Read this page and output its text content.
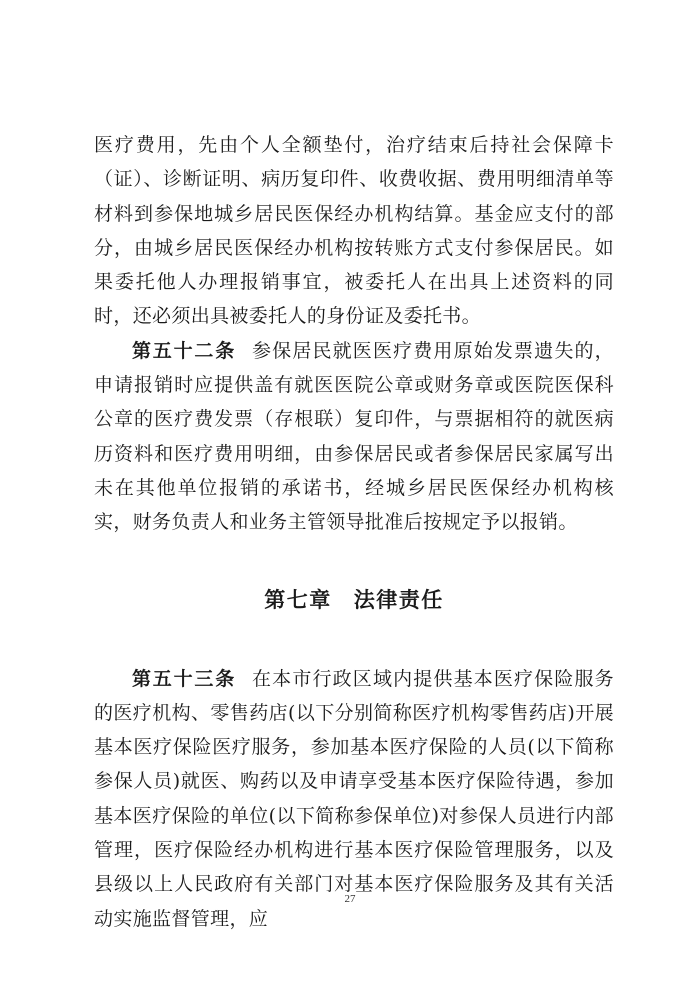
医疗费用，先由个人全额垫付，治疗结束后持社会保障卡（证）、诊断证明、病历复印件、收费收据、费用明细清单等材料到参保地城乡居民医保经办机构结算。基金应支付的部分，由城乡居民医保经办机构按转账方式支付参保居民。如果委托他人办理报销事宜，被委托人在出具上述资料的同时，还必须出具被委托人的身份证及委托书。

第五十二条 参保居民就医医疗费用原始发票遗失的，申请报销时应提供盖有就医医院公章或财务章或医院医保科公章的医疗费发票（存根联）复印件，与票据相符的就医病历资料和医疗费用明细，由参保居民或者参保居民家属写出未在其他单位报销的承诺书，经城乡居民医保经办机构核实，财务负责人和业务主管领导批准后按规定予以报销。

第七章 法律责任

第五十三条 在本市行政区域内提供基本医疗保险服务的医疗机构、零售药店(以下分别简称医疗机构零售药店)开展基本医疗保险医疗服务，参加基本医疗保险的人员(以下简称参保人员)就医、购药以及申请享受基本医疗保险待遇，参加基本医疗保险的单位(以下简称参保单位)对参保人员进行内部管理，医疗保险经办机构进行基本医疗保险管理服务，以及县级以上人民政府有关部门对基本医疗保险服务及其有关活动实施监督管理，应

27
